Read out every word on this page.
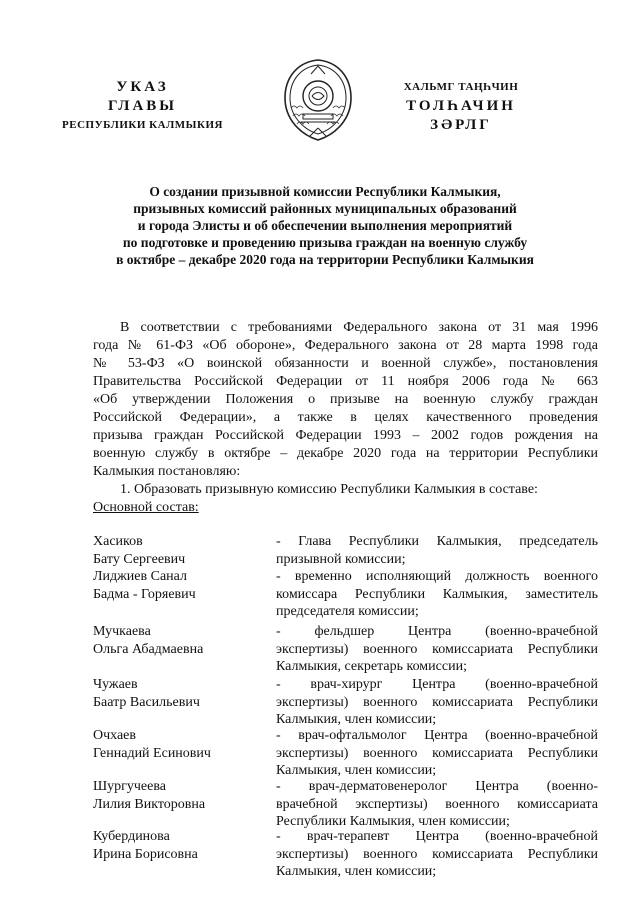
УКАЗ
ГЛАВЫ
РЕСПУБЛИКИ КАЛМЫКИЯ
ХАЛЬМГ ТАҢҺЧИН
ТОЛҺАЧИН
ЗӘРЛГ
О создании призывной комиссии Республики Калмыкия,
призывных комиссий районных муниципальных образований
и города Элисты и об обеспечении выполнения мероприятий
по подготовке и проведению призыва граждан на военную службу
в октябре – декабре 2020 года на территории Республики Калмыкия
В соответствии с требованиями Федерального закона от 31 мая 1996
года № 61-ФЗ «Об обороне», Федерального закона от 28 марта 1998 года
№ 53-ФЗ «О воинской обязанности и военной службе», постановления
Правительства Российской Федерации от 11 ноября 2006 года № 663
«Об утверждении Положения о призыве на военную службу граждан
Российской Федерации», а также в целях качественного проведения
призыва граждан Российской Федерации 1993 – 2002 годов рождения на
военную службу в октябре – декабре 2020 года на территории Республики
Калмыкия постановляю:
1. Образовать призывную комиссию Республики Калмыкия в составе:
Основной состав:
Хасиков
Бату Сергеевич
- Глава Республики Калмыкия, председатель
призывной комиссии;
Лиджиев Санал
Бадма - Горяевич
- временно исполняющий должность военного
комиссара Республики Калмыкия, заместитель
председателя комиссии;
Мучкаева
Ольга Абадмаевна
- фельдшер Центра (военно-врачебной
экспертизы) военного комиссариата Республики
Калмыкия, секретарь комиссии;
Чужаев
Баатр Васильевич
- врач-хирург Центра (военно-врачебной
экспертизы) военного комиссариата Республики
Калмыкия, член комиссии;
Очхаев
Геннадий Есинович
- врач-офтальмолог Центра (военно-врачебной
экспертизы) военного комиссариата Республики
Калмыкия, член комиссии;
Шургучеева
Лилия Викторовна
- врач-дерматовенеролог Центра (военно-
врачебной экспертизы) военного комиссариата
Республики Калмыкия, член комиссии;
Кубердинова
Ирина Борисовна
- врач-терапевт Центра (военно-врачебной
экспертизы) военного комиссариата Республики
Калмыкия, член комиссии;
